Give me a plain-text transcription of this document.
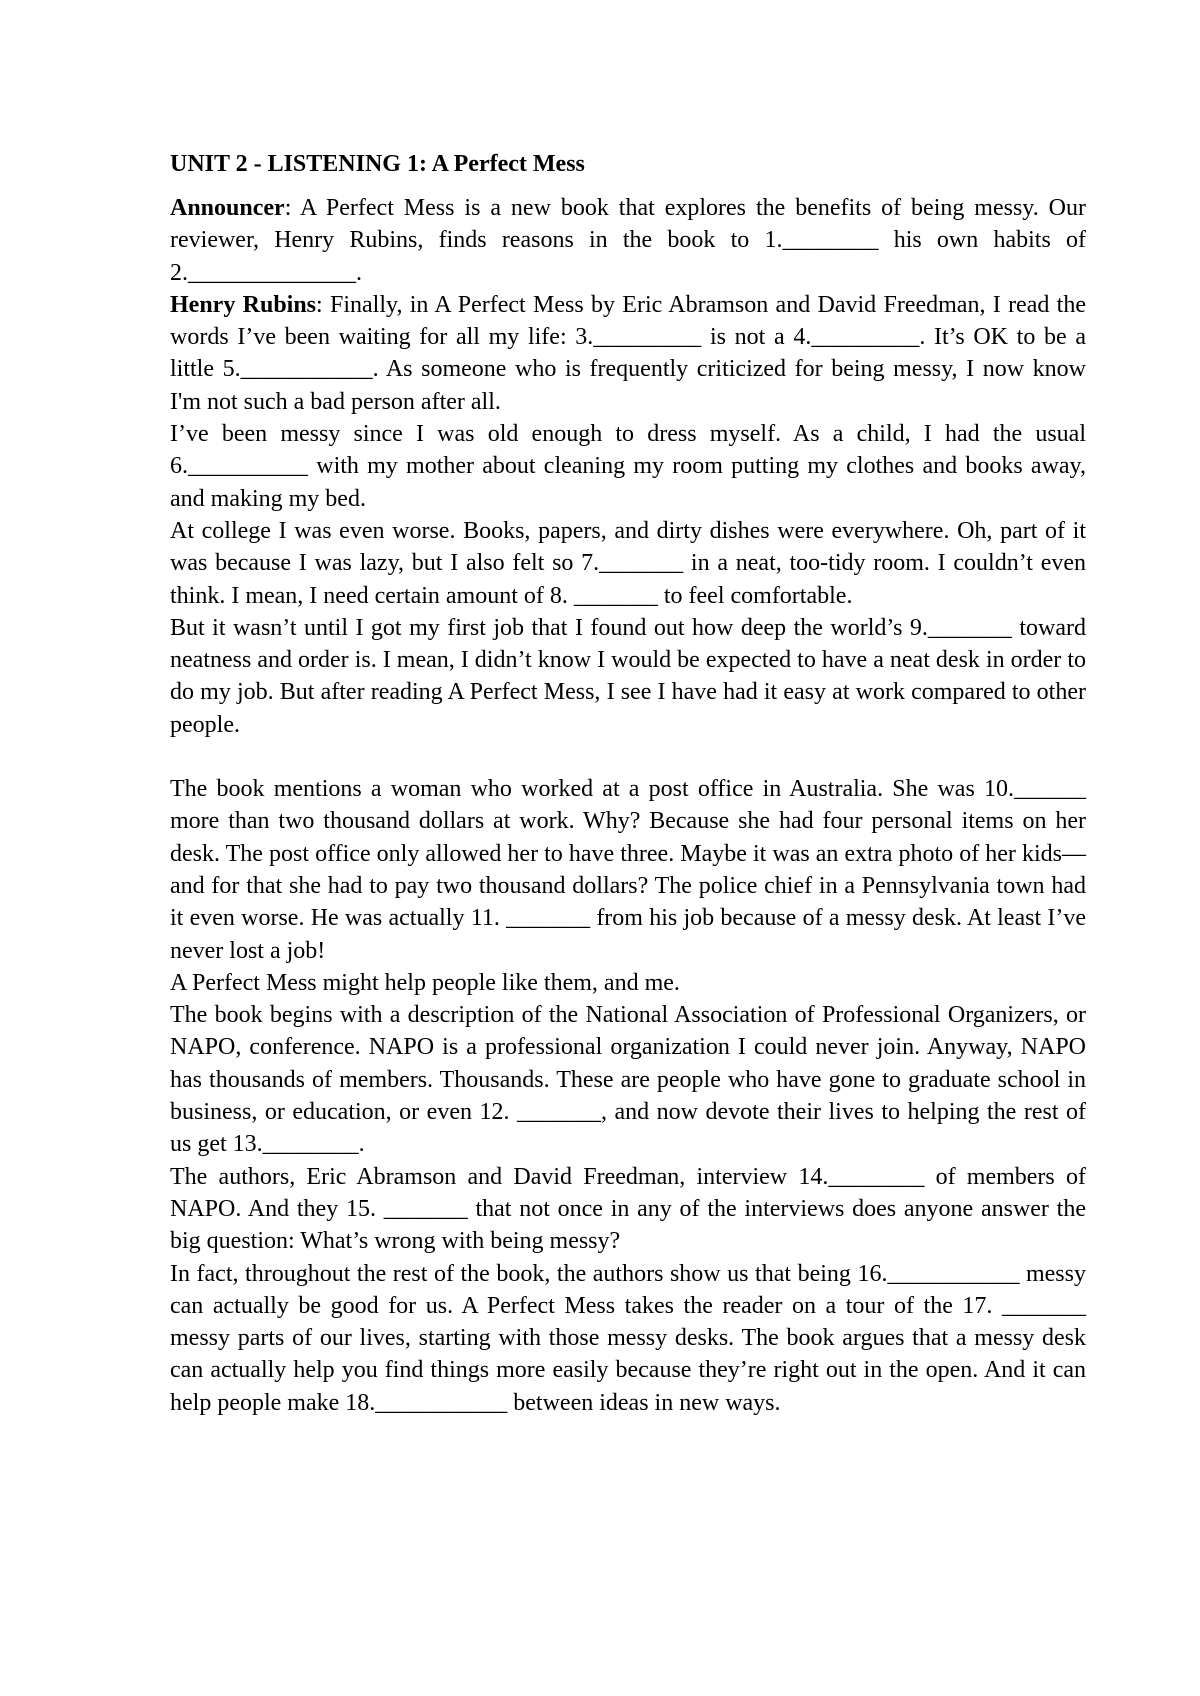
UNIT 2 - LISTENING 1: A Perfect Mess

Announcer: A Perfect Mess is a new book that explores the benefits of being messy. Our reviewer, Henry Rubins, finds reasons in the book to 1.________ his own habits of 2.______________.

Henry Rubins: Finally, in A Perfect Mess by Eric Abramson and David Freedman, I read the words I’ve been waiting for all my life: 3._________ is not a 4._________. It’s OK to be a little 5.___________. As someone who is frequently criticized for being messy, I now know I'm not such a bad person after all.

I’ve been messy since I was old enough to dress myself. As a child, I had the usual 6.__________ with my mother about cleaning my room putting my clothes and books away, and making my bed.

At college I was even worse. Books, papers, and dirty dishes were everywhere. Oh, part of it was because I was lazy, but I also felt so 7._______ in a neat, too-tidy room. I couldn’t even think. I mean, I need certain amount of 8. _______ to feel comfortable.

But it wasn’t until I got my first job that I found out how deep the world’s 9._______ toward neatness and order is. I mean, I didn’t know I would be expected to have a neat desk in order to do my job. But after reading A Perfect Mess, I see I have had it easy at work compared to other people.

The book mentions a woman who worked at a post office in Australia. She was 10.______ more than two thousand dollars at work. Why? Because she had four personal items on her desk. The post office only allowed her to have three. Maybe it was an extra photo of her kids—and for that she had to pay two thousand dollars? The police chief in a Pennsylvania town had it even worse. He was actually 11. _______ from his job because of a messy desk. At least I’ve never lost a job!

A Perfect Mess might help people like them, and me.

The book begins with a description of the National Association of Professional Organizers, or NAPO, conference. NAPO is a professional organization I could never join. Anyway, NAPO has thousands of members. Thousands. These are people who have gone to graduate school in business, or education, or even 12. _______, and now devote their lives to helping the rest of us get 13.________.

The authors, Eric Abramson and David Freedman, interview 14.________ of members of NAPO. And they 15. _______ that not once in any of the interviews does anyone answer the big question: What’s wrong with being messy?

In fact, throughout the rest of the book, the authors show us that being 16.___________ messy can actually be good for us. A Perfect Mess takes the reader on a tour of the 17. _______ messy parts of our lives, starting with those messy desks. The book argues that a messy desk can actually help you find things more easily because they’re right out in the open. And it can help people make 18.___________ between ideas in new ways.
